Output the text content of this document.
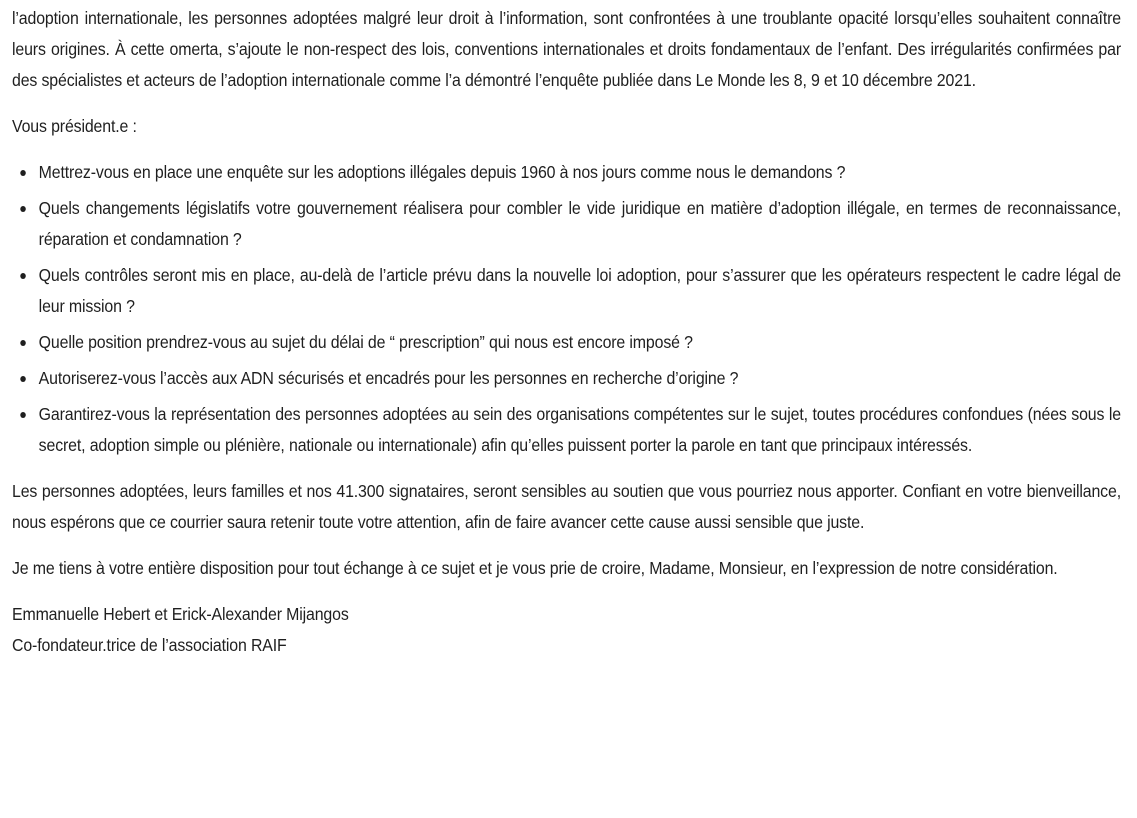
l’adoption internationale, les personnes adoptées malgré leur droit à l’information, sont confrontées à une troublante opacité lorsqu’elles souhaitent connaître leurs origines. À cette omerta, s’ajoute le non-respect des lois, conventions internationales et droits fondamentaux de l’enfant. Des irrégularités confirmées par des spécialistes et acteurs de l’adoption internationale comme l’a démontré l’enquête publiée dans Le Monde les 8, 9 et 10 décembre 2021.

Vous président.e :

Mettrez-vous en place une enquête sur les adoptions illégales depuis 1960 à nos jours comme nous le demandons ?
Quels changements législatifs votre gouvernement réalisera pour combler le vide juridique en matière d’adoption illégale, en termes de reconnaissance, réparation et condamnation ?
Quels contrôles seront mis en place, au-delà de l’article prévu dans la nouvelle loi adoption, pour s’assurer que les opérateurs respectent le cadre légal de leur mission ?
Quelle position prendrez-vous au sujet du délai de “ prescription” qui nous est encore imposé ?
Autoriserez-vous l’accès aux ADN sécurisés et encadrés pour les personnes en recherche d’origine ?
Garantirez-vous la représentation des personnes adoptées au sein des organisations compétentes sur le sujet, toutes procédures confondues (nées sous le secret, adoption simple ou plénière, nationale ou internationale) afin qu’elles puissent porter la parole en tant que principaux intéressés.

Les personnes adoptées, leurs familles et nos 41.300 signataires, seront sensibles au soutien que vous pourriez nous apporter. Confiant en votre bienveillance, nous espérons que ce courrier saura retenir toute votre attention, afin de faire avancer cette cause aussi sensible que juste.

Je me tiens à votre entière disposition pour tout échange à ce sujet et je vous prie de croire, Madame, Monsieur, en l’expression de notre considération.

Emmanuelle Hebert et Erick-Alexander Mijangos

Co-fondateur.trice de l’association RAIF
